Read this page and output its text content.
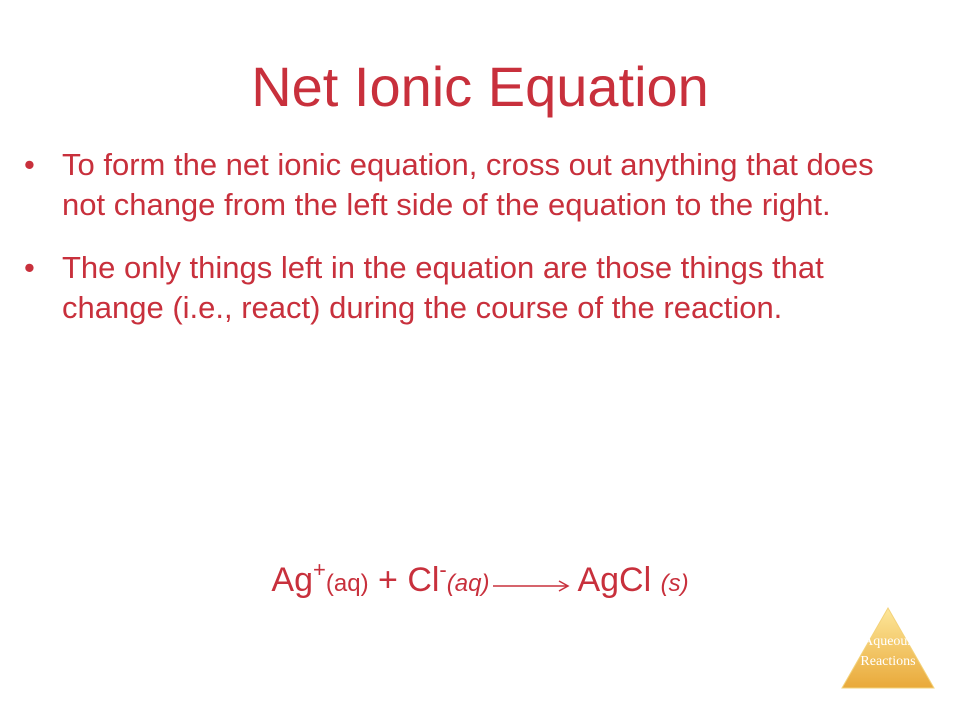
Net Ionic Equation
• To form the net ionic equation, cross out anything that does not change from the left side of the equation to the right.
• The only things left in the equation are those things that change (i.e., react) during the course of the reaction.
Ag+(aq) + Cl-(aq) → AgCl (s)
Aqueous
Reactions
